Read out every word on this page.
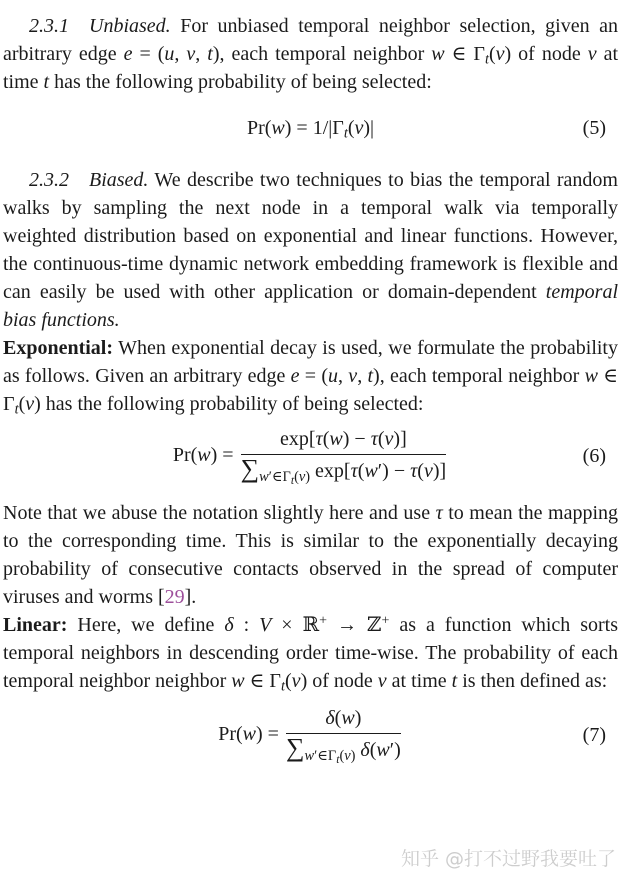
2.3.1 Unbiased. For unbiased temporal neighbor selection, given an arbitrary edge e = (u, v, t), each temporal neighbor w ∈ $\Gamma_t(v)$ of node v at time t has the following probability of being selected:

$Pr(w) = 1/|\Gamma_t(v)|$	(5)

2.3.2 Biased. We describe two techniques to bias the temporal random walks by sampling the next node in a temporal walk via temporally weighted distribution based on exponential and linear functions. However, the continuous-time dynamic network embedding framework is flexible and can easily be used with other application or domain-dependent temporal bias functions.

Exponential: When exponential decay is used, we formulate the probability as follows. Given an arbitrary edge e = (u, v, t), each temporal neighbor w ∈ $\Gamma_t(v)$ has the following probability of being selected:

$Pr(w) = \frac{\exp[\tau(w) - \tau(v)]}{\sum_{w'\in\Gamma_t(v)} \exp[\tau(w') - \tau(v)]}$	(6)

Note that we abuse the notation slightly here and use τ to mean the mapping to the corresponding time. This is similar to the exponentially decaying probability of consecutive contacts observed in the spread of computer viruses and worms [29].

Linear: Here, we define δ : V × ℝ+ → ℤ+ as a function which sorts temporal neighbors in descending order time-wise. The probability of each temporal neighbor neighbor w ∈ $\Gamma_t(v)$ of node v at time t is then defined as:

$Pr(w) = \frac{\delta(w)}{\sum_{w'\in\Gamma_t(v)} \delta(w')}$	(7)
知乎 @打不过野我要吐了
